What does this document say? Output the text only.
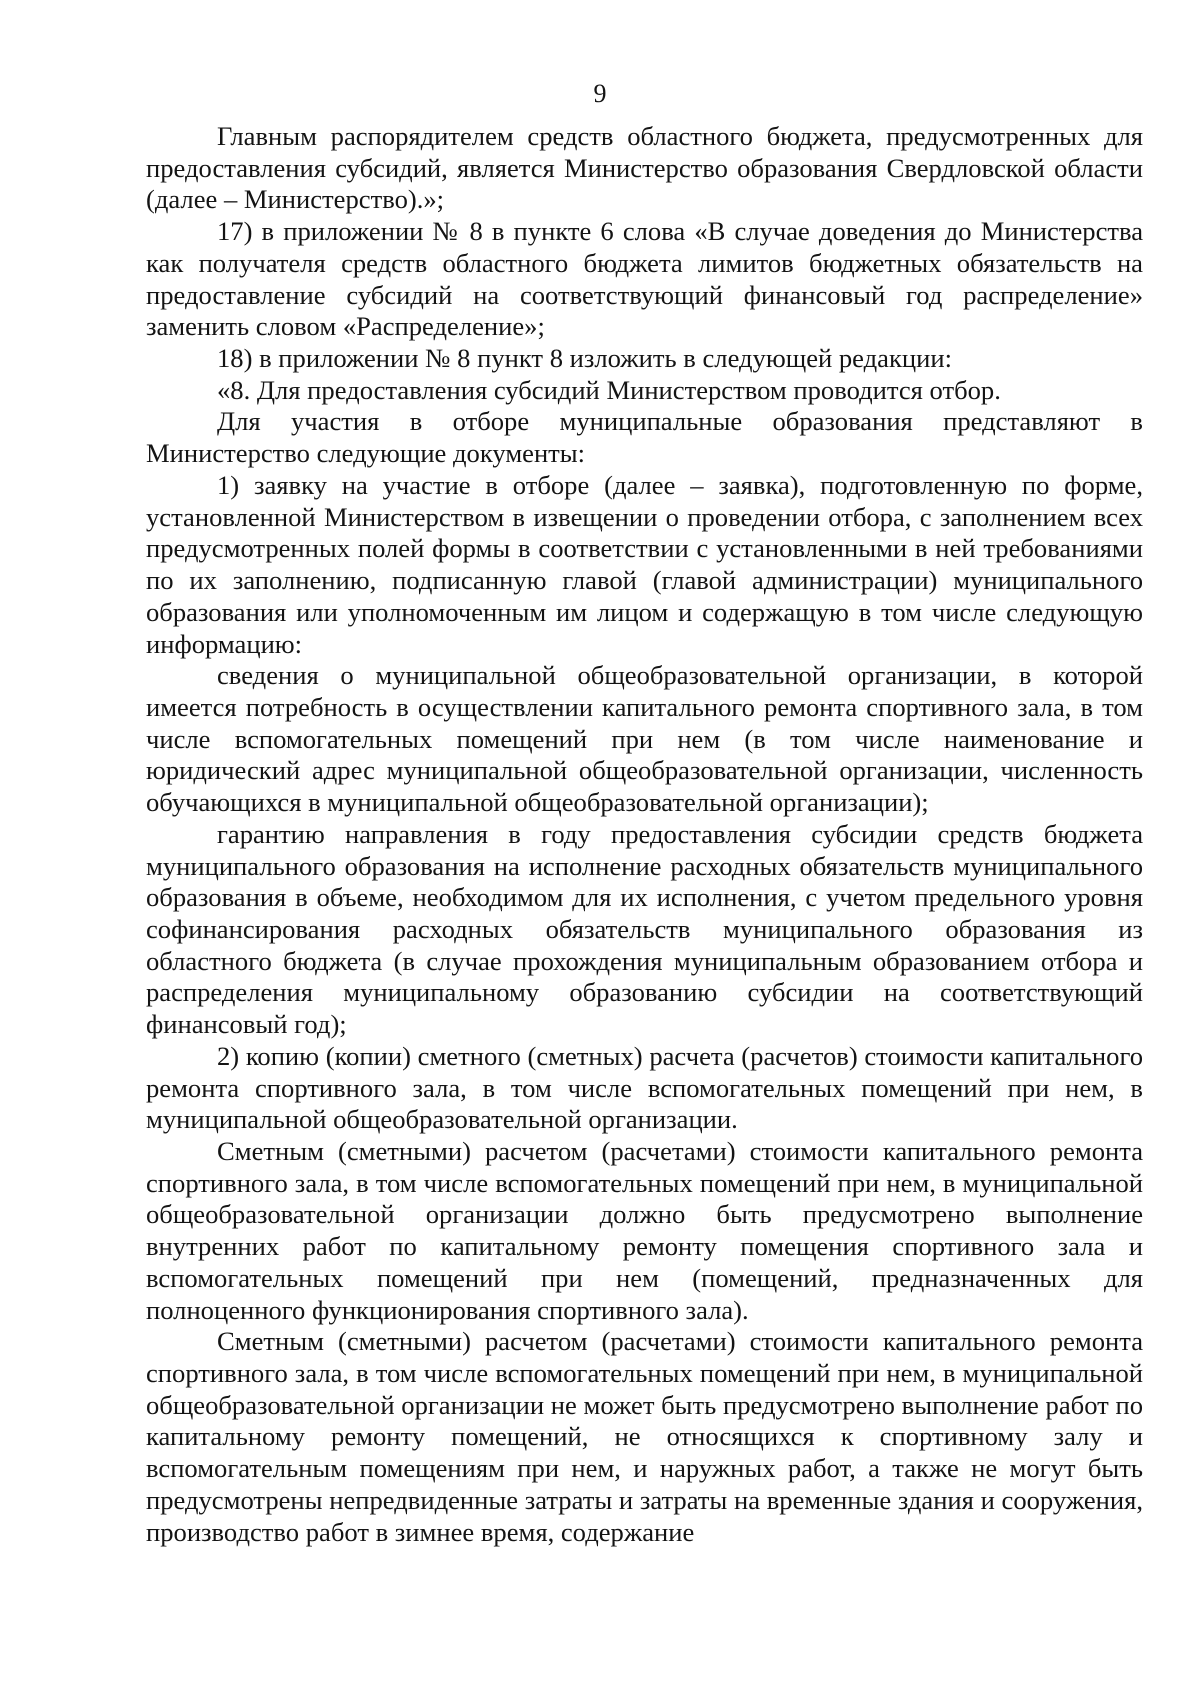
9

Главным распорядителем средств областного бюджета, предусмотренных для предоставления субсидий, является Министерство образования Свердловской области (далее – Министерство).»;

17) в приложении № 8 в пункте 6 слова «В случае доведения до Министерства как получателя средств областного бюджета лимитов бюджетных обязательств на предоставление субсидий на соответствующий финансовый год распределение» заменить словом «Распределение»;

18) в приложении № 8 пункт 8 изложить в следующей редакции:

«8. Для предоставления субсидий Министерством проводится отбор.

Для участия в отборе муниципальные образования представляют в Министерство следующие документы:

1) заявку на участие в отборе (далее – заявка), подготовленную по форме, установленной Министерством в извещении о проведении отбора, с заполнением всех предусмотренных полей формы в соответствии с установленными в ней требованиями по их заполнению, подписанную главой (главой администрации) муниципального образования или уполномоченным им лицом и содержащую в том числе следующую информацию:

сведения о муниципальной общеобразовательной организации, в которой имеется потребность в осуществлении капитального ремонта спортивного зала, в том числе вспомогательных помещений при нем (в том числе наименование и юридический адрес муниципальной общеобразовательной организации, численность обучающихся в муниципальной общеобразовательной организации);

гарантию направления в году предоставления субсидии средств бюджета муниципального образования на исполнение расходных обязательств муниципального образования в объеме, необходимом для их исполнения, с учетом предельного уровня софинансирования расходных обязательств муниципального образования из областного бюджета (в случае прохождения муниципальным образованием отбора и распределения муниципальному образованию субсидии на соответствующий финансовый год);

2) копию (копии) сметного (сметных) расчета (расчетов) стоимости капитального ремонта спортивного зала, в том числе вспомогательных помещений при нем, в муниципальной общеобразовательной организации.

Сметным (сметными) расчетом (расчетами) стоимости капитального ремонта спортивного зала, в том числе вспомогательных помещений при нем, в муниципальной общеобразовательной организации должно быть предусмотрено выполнение внутренних работ по капитальному ремонту помещения спортивного зала и вспомогательных помещений при нем (помещений, предназначенных для полноценного функционирования спортивного зала).

Сметным (сметными) расчетом (расчетами) стоимости капитального ремонта спортивного зала, в том числе вспомогательных помещений при нем, в муниципальной общеобразовательной организации не может быть предусмотрено выполнение работ по капитальному ремонту помещений, не относящихся к спортивному залу и вспомогательным помещениям при нем, и наружных работ, а также не могут быть предусмотрены непредвиденные затраты и затраты на временные здания и сооружения, производство работ в зимнее время, содержание
